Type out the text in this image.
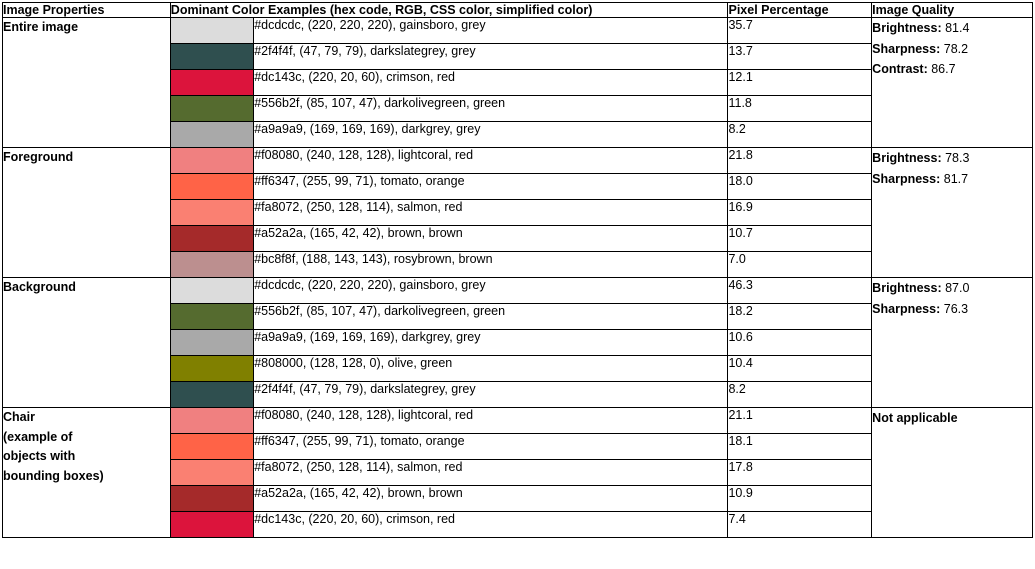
Image Properties	Dominant Color Examples (hex code, RGB, CSS color, simplified color)		Pixel Percentage	Image Quality

Entire image		#dcdcdc, (220, 220, 220), gainsboro, grey	35.7	Brightness: 81.4
Sharpness: 78.2
Contrast: 86.7

		#2f4f4f, (47, 79, 79), darkslategrey, grey	13.7	

		#dc143c, (220, 20, 60), crimson, red	12.1	

		#556b2f, (85, 107, 47), darkolivegreen, green	11.8	

		#a9a9a9, (169, 169, 169), darkgrey, grey	8.2	

Foreground		#f08080, (240, 128, 128), lightcoral, red	21.8	Brightness: 78.3
Sharpness: 81.7

		#ff6347, (255, 99, 71), tomato, orange	18.0	

		#fa8072, (250, 128, 114), salmon, red	16.9	

		#a52a2a, (165, 42, 42), brown, brown	10.7	

		#bc8f8f, (188, 143, 143), rosybrown, brown	7.0	

Background		#dcdcdc, (220, 220, 220), gainsboro, grey	46.3	Brightness: 87.0
Sharpness: 76.3

		#556b2f, (85, 107, 47), darkolivegreen, green	18.2	

		#a9a9a9, (169, 169, 169), darkgrey, grey	10.6	

		#808000, (128, 128, 0), olive, green	10.4	

		#2f4f4f, (47, 79, 79), darkslategrey, grey	8.2	

Chair
(example of
objects with
bounding boxes)		#f08080, (240, 128, 128), lightcoral, red	21.1	Not applicable

		#ff6347, (255, 99, 71), tomato, orange	18.1	

		#fa8072, (250, 128, 114), salmon, red	17.8	

		#a52a2a, (165, 42, 42), brown, brown	10.9	

		#dc143c, (220, 20, 60), crimson, red	7.4	
